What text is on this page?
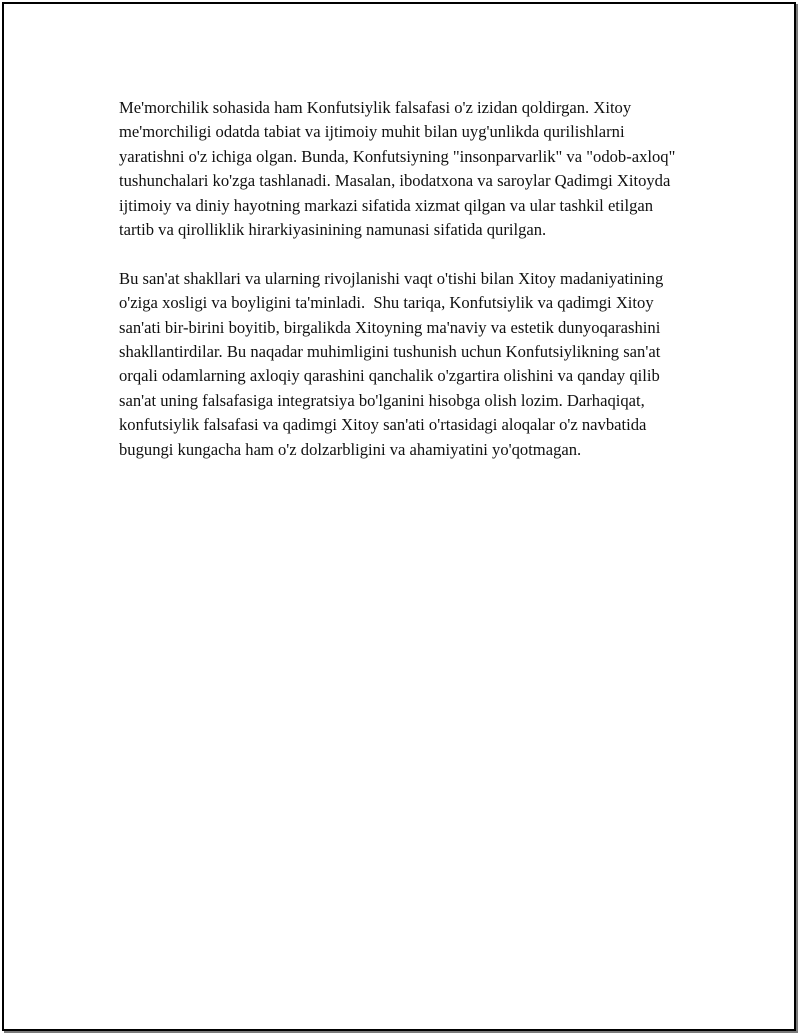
Me'morchilik sohasida ham Konfutsiylik falsafasi o'z izidan qoldirgan. Xitoy me'morchiligi odatda tabiat va ijtimoiy muhit bilan uyg'unlikda qurilishlarni yaratishni o'z ichiga olgan. Bunda, Konfutsiyning "insonparvarlik" va "odob-axloq" tushunchalari ko'zga tashlanadi. Masalan, ibodatxona va saroylar Qadimgi Xitoyda ijtimoiy va diniy hayotning markazi sifatida xizmat qilgan va ular tashkil etilgan tartib va qirolliklik hirarkiyasinining namunasi sifatida qurilgan.

Bu san'at shakllari va ularning rivojlanishi vaqt o'tishi bilan Xitoy madaniyatining o'ziga xosligi va boyligini ta'minladi.  Shu tariqa, Konfutsiylik va qadimgi Xitoy san'ati bir-birini boyitib, birgalikda Xitoyning ma'naviy va estetik dunyoqarashini shakllantirdilar. Bu naqadar muhimligini tushunish uchun Konfutsiylikning san'at orqali odamlarning axloqiy qarashini qanchalik o'zgartira olishini va qanday qilib san'at uning falsafasiga integratsiya bo'lganini hisobga olish lozim. Darhaqiqat, konfutsiylik falsafasi va qadimgi Xitoy san'ati o'rtasidagi aloqalar o'z navbatida bugungi kungacha ham o'z dolzarbligini va ahamiyatini yo'qotmagan.
